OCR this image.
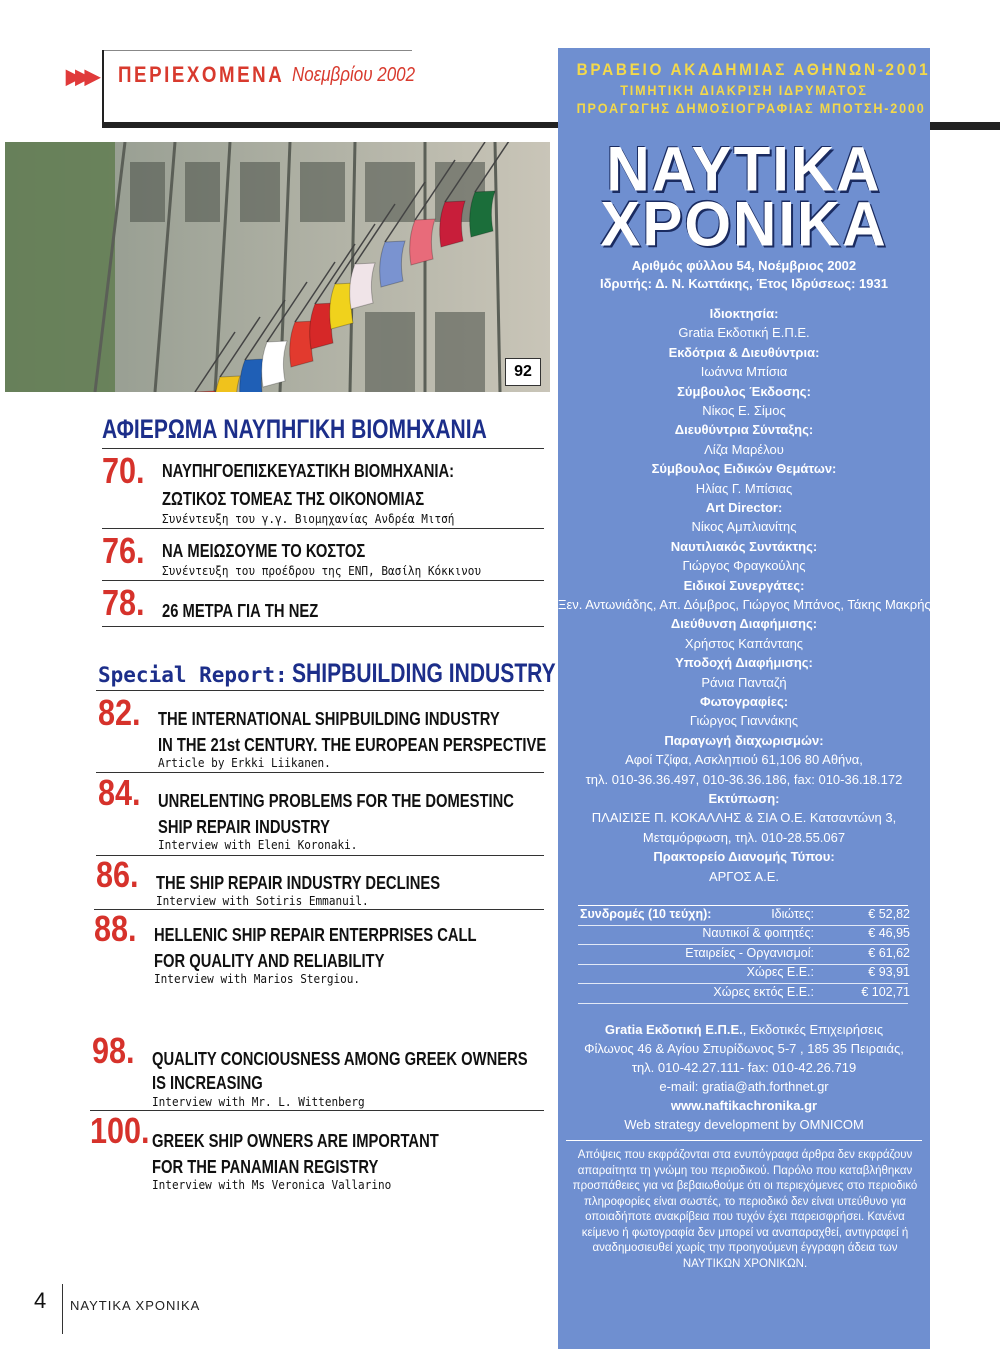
▶▶▶ ΠΕΡΙΕΧΟΜΕΝΑ Νοεμβρίου 2002
92
ΑΦΙΕΡΩΜΑ ΝΑΥΠΗΓΙΚΗ ΒΙΟΜΗΧΑΝΙΑ
70. ΝΑΥΠΗΓΟΕΠΙΣΚΕΥΑΣΤΙΚΗ ΒΙΟΜΗΧΑΝΙΑ:
ΖΩΤΙΚΟΣ ΤΟΜΕΑΣ ΤΗΣ ΟΙΚΟΝΟΜΙΑΣ
Συνέντευξη του γ.γ. Βιομηχανίας Ανδρέα Μιτσή
76. ΝΑ ΜΕΙΩΣΟΥΜΕ ΤΟ ΚΟΣΤΟΣ
Συνέντευξη του προέδρου της ΕΝΠ, Βασίλη Κόκκινου
78. 26 ΜΕΤΡΑ ΓΙΑ ΤΗ ΝΕΖ
Special Report: SHIPBUILDING INDUSTRY
82. THE INTERNATIONAL SHIPBUILDING INDUSTRY
IN THE 21st CENTURY. THE EUROPEAN PERSPECTIVE
Article by Erkki Liikanen.
84. UNRELENTING PROBLEMS FOR THE DOMESTINC
SHIP REPAIR INDUSTRY
Interview with Eleni Koronaki.
86. THE SHIP REPAIR INDUSTRY DECLINES
Interview with Sotiris Emmanuil.
88. HELLENIC SHIP REPAIR ENTERPRISES CALL
FOR QUALITY AND RELIABILITY
Interview with Marios Stergiou.
98. QUALITY CONCIOUSNESS AMONG GREEK OWNERS
IS INCREASING
Interview with Mr. L. Wittenberg
100. GREEK SHIP OWNERS ARE IMPORTANT
FOR THE PANAMIAN REGISTRY
Interview with Ms Veronica Vallarino
ΒΡΑΒΕΙΟ ΑΚΑΔΗΜΙΑΣ ΑΘΗΝΩΝ-2001
ΤΙΜΗΤΙΚΗ ΔΙΑΚΡΙΣΗ ΙΔΡΥΜΑΤΟΣ
ΠΡΟΑΓΩΓΗΣ ΔΗΜΟΣΙΟΓΡΑΦΙΑΣ ΜΠΟΤΣΗ-2000
ΝΑΥΤΙΚΑ
ΧΡΟΝΙΚΑ
Αριθμός φύλλου 54, Νοέμβριος 2002
Ιδρυτής: Δ. Ν. Κωττάκης, Έτος Ιδρύσεως: 1931
Ιδιοκτησία:
Gratia Εκδοτική Ε.Π.Ε.
Εκδότρια & Διευθύντρια:
Ιωάννα Μπίσια
Σύμβουλος Έκδοσης:
Νίκος Ε. Σίμος
Διευθύντρια Σύνταξης:
Λίζα Μαρέλου
Σύμβουλος Ειδικών Θεμάτων:
Ηλίας Γ. Μπίσιας
Art Director:
Νίκος Αμπλιανίτης
Ναυτιλιακός Συντάκτης:
Γιώργος Φραγκούλης
Ειδικοί Συνεργάτες:
Ξεν. Αντωνιάδης, Απ. Δόμβρος, Γιώργος Μπάνος, Τάκης Μακρής
Διεύθυνση Διαφήμισης:
Χρήστος Καπάνταης
Υποδοχή Διαφήμισης:
Ράνια Πανταζή
Φωτογραφίες:
Γιώργος Γιαννάκης
Παραγωγή διαχωρισμών:
Αφοί Τζίφα, Ασκληπιού 61,106 80 Αθήνα,
τηλ. 010-36.36.497, 010-36.36.186, fax: 010-36.18.172
Εκτύπωση:
ΠΛΑΙΣΙΣΕ Π. ΚΟΚΑΛΛΗΣ & ΣΙΑ Ο.Ε. Κατσαντώνη 3,
Μεταμόρφωση, τηλ. 010-28.55.067
Πρακτορείο Διανομής Τύπου:
ΑΡΓΟΣ Α.Ε.
Συνδρομές (10 τεύχη):	Ιδιώτες:	€ 52,82
Ναυτικοί & φοιτητές:	€ 46,95
Εταιρείες - Οργανισμοί:	€ 61,62
Χώρες Ε.Ε.:	€ 93,91
Χώρες εκτός Ε.Ε.:	€ 102,71
Gratia Εκδοτική Ε.Π.Ε., Εκδοτικές Επιχειρήσεις
Φίλωνος 46 & Αγίου Σπυρίδωνος 5-7 , 185 35 Πειραιάς,
τηλ. 010-42.27.111- fax: 010-42.26.719
e-mail: gratia@ath.forthnet.gr
www.naftikachronika.gr
Web strategy development by OMNICOM
Απόψεις που εκφράζονται στα ενυπόγραφα άρθρα δεν εκφράζουν απαραίτητα τη γνώμη του περιοδικού. Παρόλο που καταβλήθηκαν προσπάθειες για να βεβαιωθούμε ότι οι περιεχόμενες στο περιοδικό πληροφορίες είναι σωστές, το περιοδικό δεν είναι υπεύθυνο για οποιαδήποτε ανακρίβεια που τυχόν έχει παρεισφρήσει. Κανένα κείμενο ή φωτογραφία δεν μπορεί να αναπαραχθεί, αντιγραφεί ή αναδημοσιευθεί χωρίς την προηγούμενη έγγραφη άδεια των ΝΑΥΤΙΚΩΝ ΧΡΟΝΙΚΩΝ.
4 ΝΑΥΤΙΚΑ ΧΡΟΝΙΚΑ
